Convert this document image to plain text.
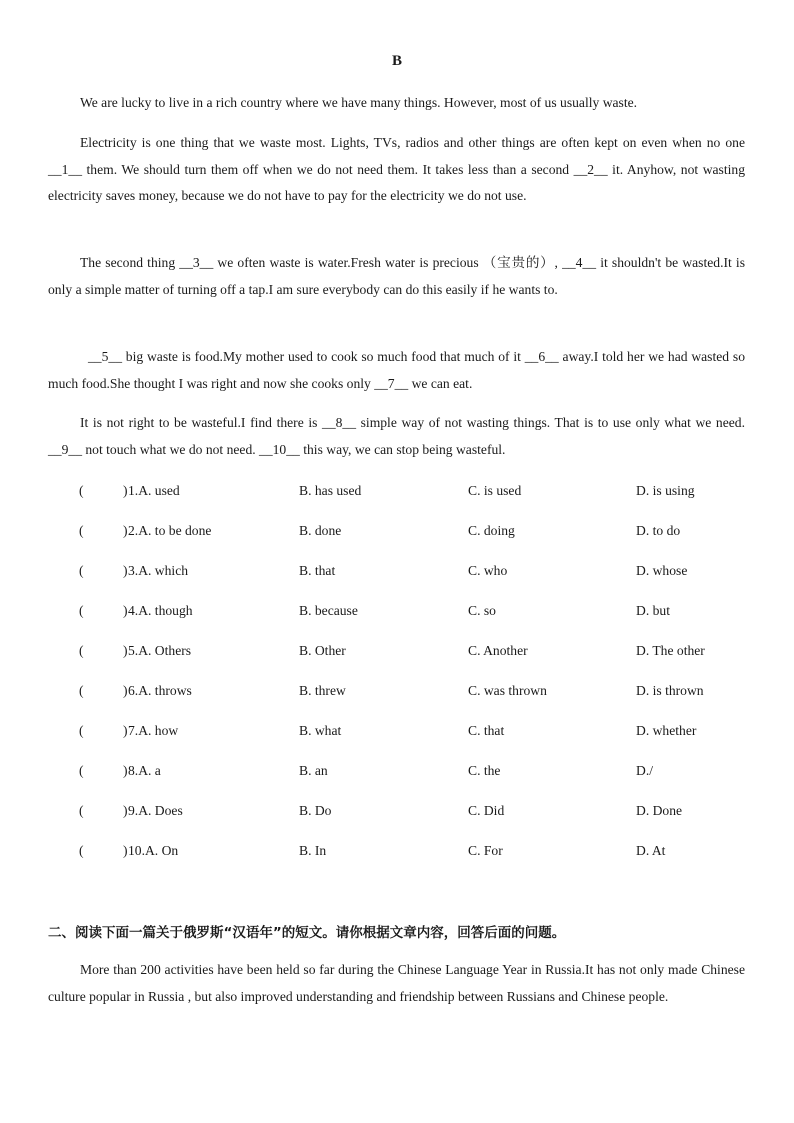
B

We are lucky to live in a rich country where we have many things. However, most of us usually waste.

Electricity is one thing that we waste most. Lights, TVs, radios and other things are often kept on even when no one __1__ them. We should turn them off when we do not need them. It takes less than a second __2__ it. Anyhow, not wasting electricity saves money, because we do not have to pay for the electricity we do not use.

The second thing __3__ we often waste is water.Fresh water is precious （宝贵的）, __4__ it shouldn't be wasted.It is only a simple matter of turning off a tap.I am sure everybody can do this easily if he wants to.

__5__ big waste is food.My mother used to cook so much food that much of it __6__ away.I told her we had wasted so much food.She thought I was right and now she cooks only __7__ we can eat.

It is not right to be wasteful.I find there is __8__ simple way of not wasting things. That is to use only what we need. __9__ not touch what we do not need. __10__ this way, we can stop being wasteful.

(	) 1.A. used	B. has used	C. is used	D. is using
(	) 2.A. to be done	B. done	C. doing	D. to do
(	) 3.A. which	B. that	C. who	D. whose
(	) 4.A. though	B. because	C. so	D. but
(	) 5.A. Others	B. Other	C. Another	D. The other
(	) 6.A. throws	B. threw	C. was thrown	D. is thrown
(	) 7.A. how	B. what	C. that	D. whether
(	) 8.A. a	B. an	C. the	D./
(	) 9.A. Does	B. Do	C. Did	D. Done
(	) 10.A. On	B. In	C. For	D. At
二、阅读下面一篇关于俄罗斯“汉语年”的短文。请你根据文章内容，回答后面的问题。

More than 200 activities have been held so far during the Chinese Language Year in Russia.It has not only made Chinese culture popular in Russia , but also improved understanding and friendship between Russians and Chinese people.
